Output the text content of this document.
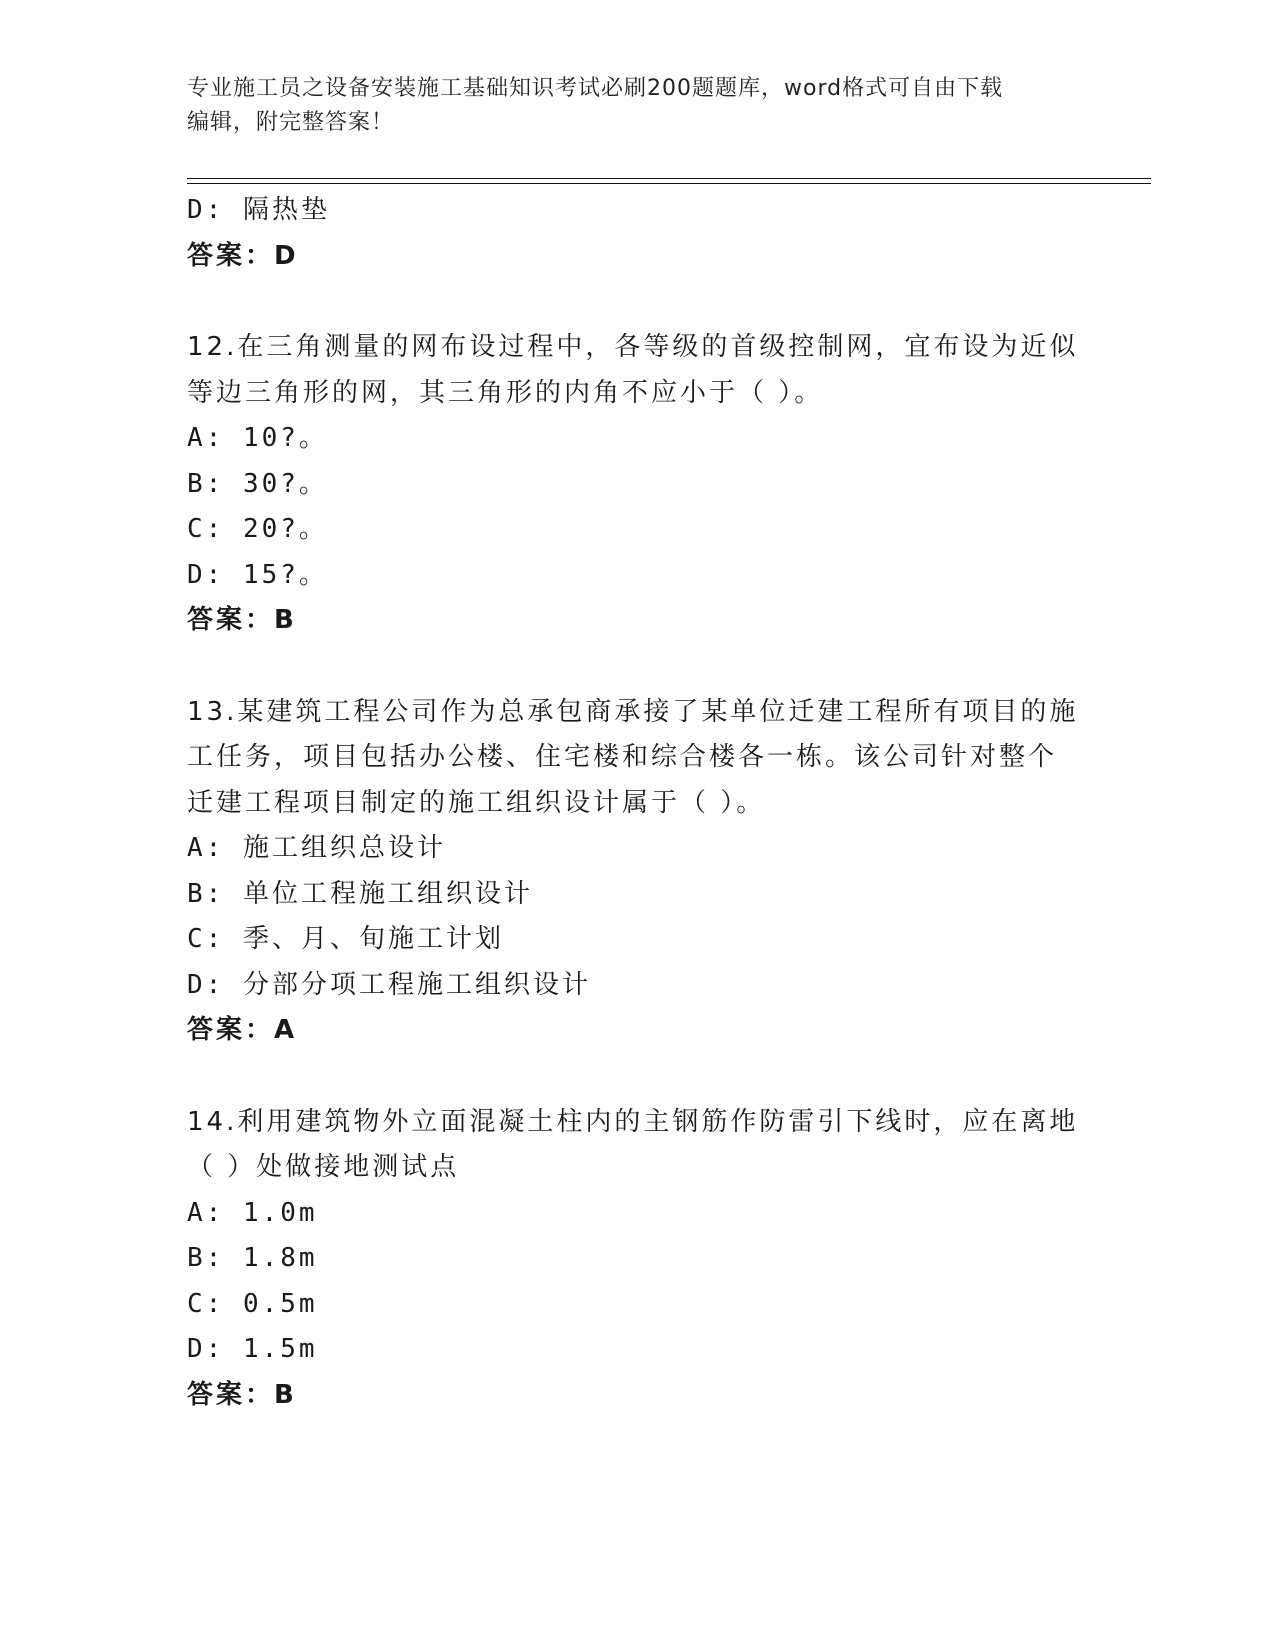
专业施工员之设备安装施工基础知识考试必刷200题题库，word格式可自由下载
编辑，附完整答案！
D: 隔热垫
答案：D
12.在三角测量的网布设过程中，各等级的首级控制网，宜布设为近似
等边三角形的网，其三角形的内角不应小于（ ）。
A: 10?。
B: 30?。
C: 20?。
D: 15?。
答案：B
13.某建筑工程公司作为总承包商承接了某单位迁建工程所有项目的施
工任务，项目包括办公楼、住宅楼和综合楼各一栋。该公司针对整个
迁建工程项目制定的施工组织设计属于（ ）。
A: 施工组织总设计
B: 单位工程施工组织设计
C: 季、月、旬施工计划
D: 分部分项工程施工组织设计
答案：A
14.利用建筑物外立面混凝土柱内的主钢筋作防雷引下线时，应在离地
（ ）处做接地测试点
A: 1.0m
B: 1.8m
C: 0.5m
D: 1.5m
答案：B
